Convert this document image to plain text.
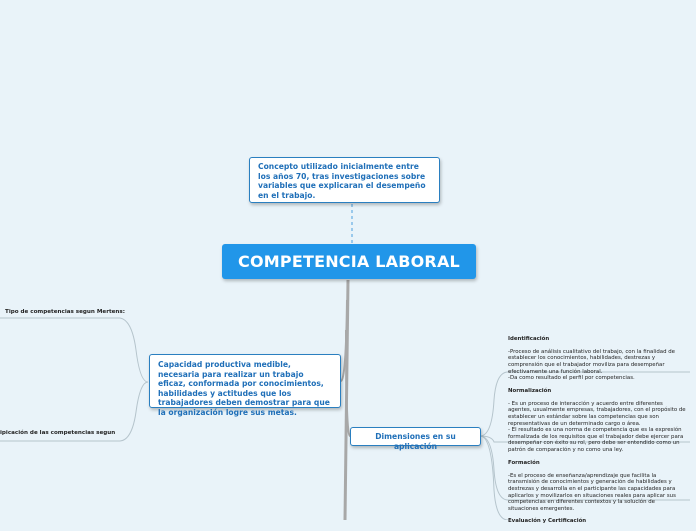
Concepto utilizado inicialmente entre los años 70, tras investigaciones sobre variables que explicaran el desempeño en el trabajo.
COMPETENCIA LABORAL
Capacidad productiva medible, necesaria para realizar un trabajo eficaz, conformada por conocimientos, habilidades y actitudes que los trabajadores deben demostrar para que la organización logre sus metas.
Dimensiones en su aplicación
Tipo de competencias segun Mertens:
ipicación de las competencias segun

Identificación

-Proceso de análisis cualitativo del trabajo, con la finalidad de establecer los conocimientos, habilidades, destrezas y comprensión que el trabajador moviliza para desempeñar efectivamente una función laboral.
-Da como resultado el perfil por competencias.

Normalización

- Es un proceso de interacción y acuerdo entre diferentes agentes, usualmente empresas, trabajadores, con el propósito de establecer un estándar sobre las competencias que son representativas de un determinado cargo o área.
- El resultado es una norma de competencia que es la expresión formalizada de los requisitos que el trabajador debe ejercer para desempeñar con éxito su rol, pero debe ser entendido como un patrón de comparación y no como una ley.

Formación

-Es el proceso de enseñanza/aprendizaje que facilita la transmisión de conocimientos y generación de habilidades y destrezas y desarrolla en el participante las capacidades para aplicarlos y movilizarlos en situaciones reales para aplicar sus competencias en diferentes contextos y la solución de situaciones emergentes.

Evaluación y Certificación
